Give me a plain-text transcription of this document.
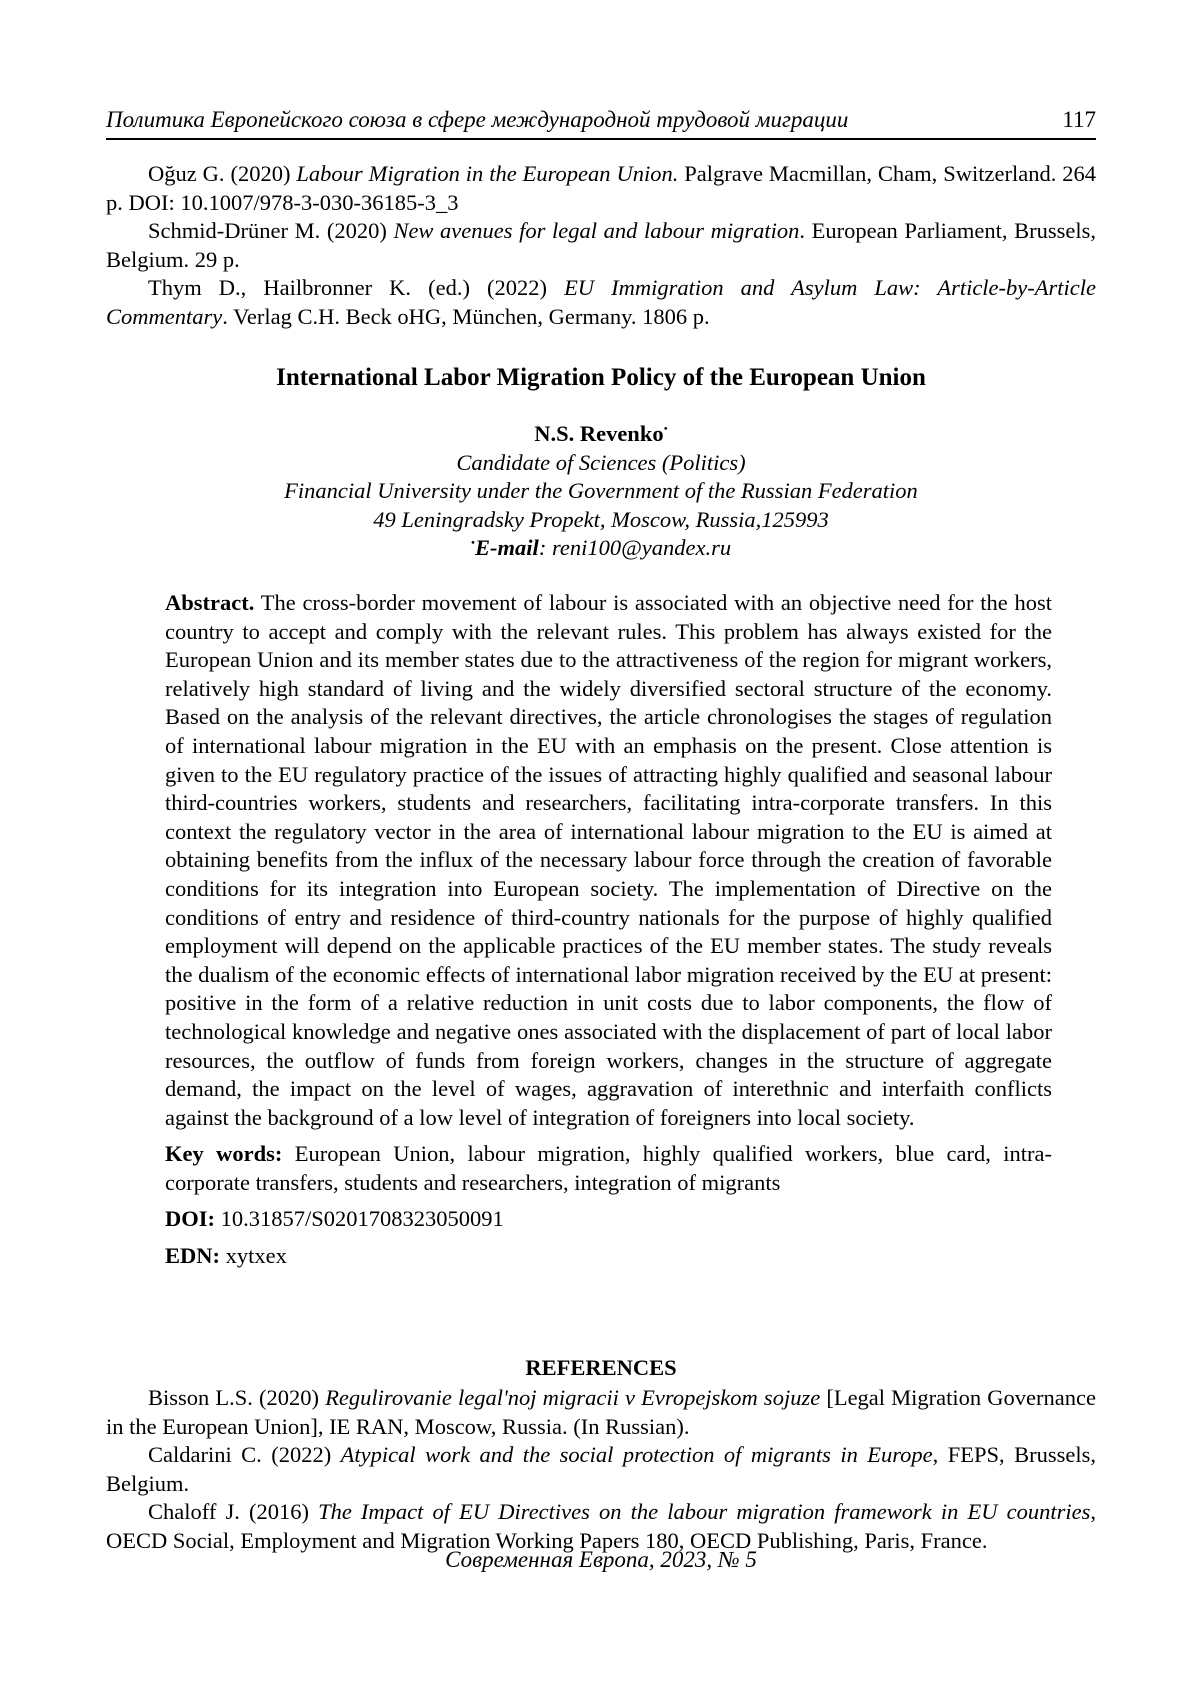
Политика Европейского союза в сфере международной трудовой миграции	117

Oğuz G. (2020) Labour Migration in the European Union. Palgrave Macmillan, Cham, Switzerland. 264 p. DOI: 10.1007/978-3-030-36185-3_3

Schmid-Drüner M. (2020) New avenues for legal and labour migration. European Parliament, Brussels, Belgium. 29 p.

Thym D., Hailbronner K. (ed.) (2022) EU Immigration and Asylum Law: Article-by-Article Commentary. Verlag C.H. Beck oHG, München, Germany. 1806 p.

International Labor Migration Policy of the European Union
N.S. Revenko•
Candidate of Sciences (Politics)
Financial University under the Government of the Russian Federation
49 Leningradsky Propekt, Moscow, Russia,125993
•E-mail: reni100@yandex.ru

Abstract. The cross-border movement of labour is associated with an objective need for the host country to accept and comply with the relevant rules. This problem has always existed for the European Union and its member states due to the attractiveness of the region for migrant workers, relatively high standard of living and the widely diversified sectoral structure of the economy. Based on the analysis of the relevant directives, the article chronologises the stages of regulation of international labour migration in the EU with an emphasis on the present. Close attention is given to the EU regulatory practice of the issues of attracting highly qualified and seasonal labour third-countries workers, students and researchers, facilitating intra-corporate transfers. In this context the regulatory vector in the area of international labour migration to the EU is aimed at obtaining benefits from the influx of the necessary labour force through the creation of favorable conditions for its integration into European society. The implementation of Directive on the conditions of entry and residence of third-country nationals for the purpose of highly qualified employment will depend on the applicable practices of the EU member states. The study reveals the dualism of the economic effects of international labor migration received by the EU at present: positive in the form of a relative reduction in unit costs due to labor components, the flow of technological knowledge and negative ones associated with the displacement of part of local labor resources, the outflow of funds from foreign workers, changes in the structure of aggregate demand, the impact on the level of wages, aggravation of interethnic and interfaith conflicts against the background of a low level of integration of foreigners into local society.

Key words: European Union, labour migration, highly qualified workers, blue card, intra-corporate transfers, students and researchers, integration of migrants

DOI: 10.31857/S0201708323050091

EDN: xytxex

REFERENCES

Bisson L.S. (2020) Regulirovanie legal'noj migracii v Evropejskom sojuze [Legal Migration Governance in the European Union], IE RAN, Moscow, Russia. (In Russian).

Caldarini C. (2022) Atypical work and the social protection of migrants in Europe, FEPS, Brussels, Belgium.

Chaloff J. (2016) The Impact of EU Directives on the labour migration framework in EU countries, OECD Social, Employment and Migration Working Papers 180, OECD Publishing, Paris, France.

Современная Европа, 2023, № 5
